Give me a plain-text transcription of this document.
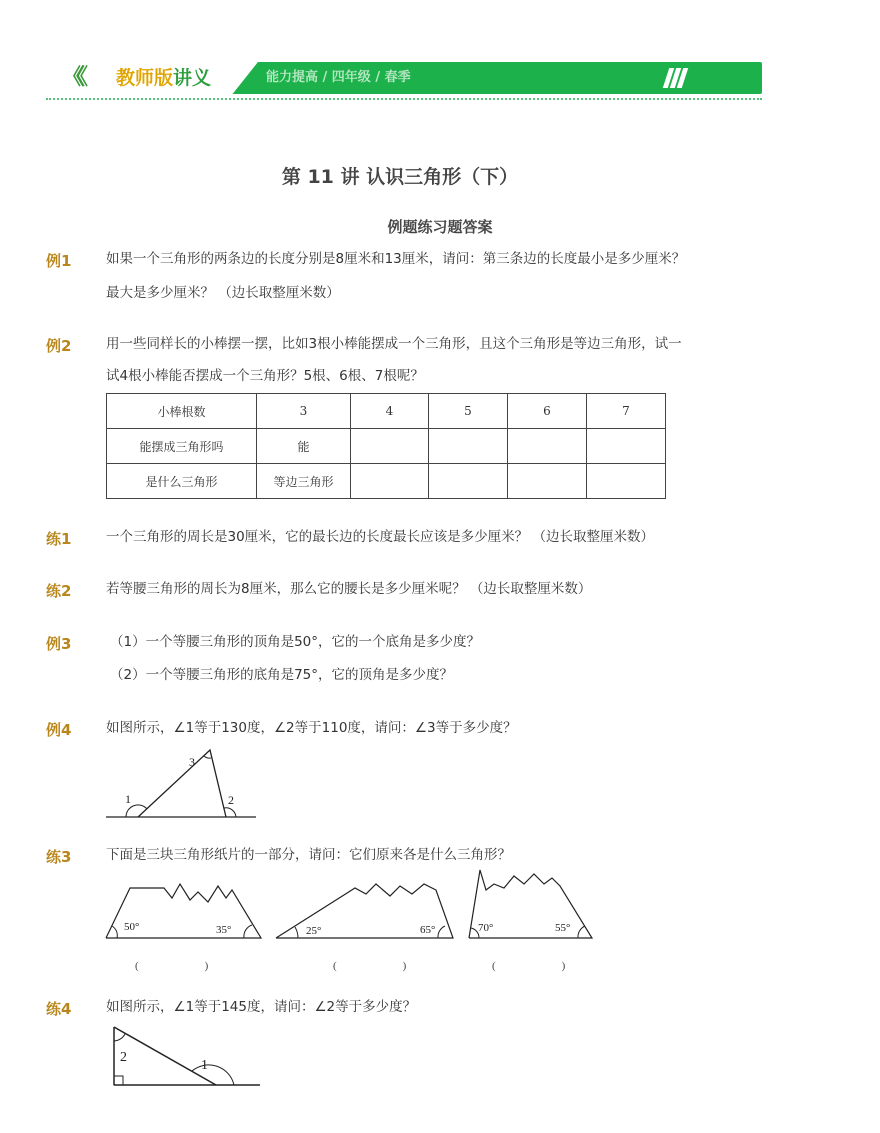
《《 教师版讲义 》》 能力提高 / 四年级 / 春季	爱学习
第 11 讲 认识三角形（下）
例题练习题答案
例1	如果一个三角形的两条边的长度分别是8厘米和13厘米，请问：第三条边的长度最小是多少厘米？
最大是多少厘米？ （边长取整厘米数）
例2	用一些同样长的小棒摆一摆，比如3根小棒能摆成一个三角形，且这个三角形是等边三角形，试一
试4根小棒能否摆成一个三角形？5根、6根、7根呢？
小棒根数	3	4	5	6	7
能摆成三角形吗	能				
是什么三角形	等边三角形				
练1	一个三角形的周长是30厘米，它的最长边的长度最长应该是多少厘米？ （边长取整厘米数）
练2	若等腰三角形的周长为8厘米，那么它的腰长是多少厘米呢？ （边长取整厘米数）
例3	（1）一个等腰三角形的顶角是50°，它的一个底角是多少度？
（2）一个等腰三角形的底角是75°，它的顶角是多少度？
例4	如图所示，∠1等于130度，∠2等于110度，请问：∠3等于多少度？
1	2
3
练3	下面是三块三角形纸片的一部分，请问：它们原来各是什么三角形？
50°	35°	25°	65°	70°	55°
(　　　　　　)	(　　　　　　)	(　　　　　　)
练4	如图所示，∠1等于145度，请问：∠2等于多少度？
2
1
